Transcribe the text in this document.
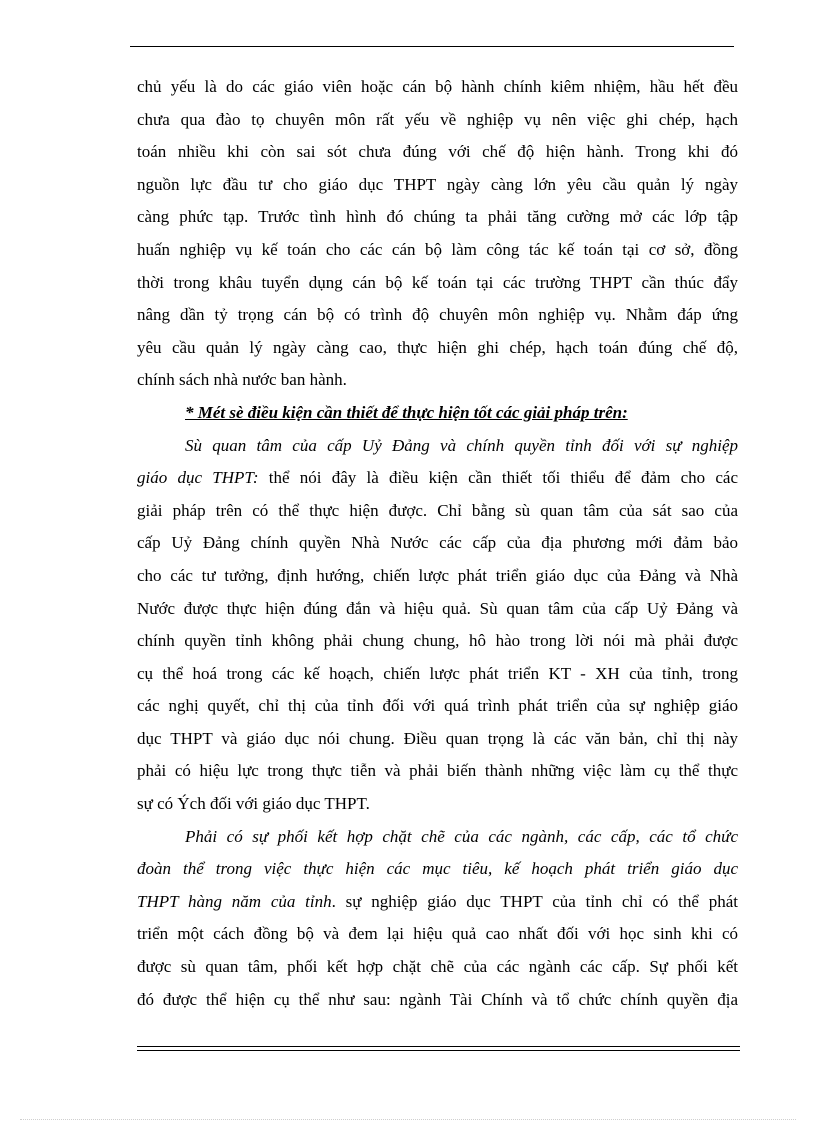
chủ yếu là do các giáo viên hoặc cán bộ hành chính kiêm nhiệm, hầu hết đều
chưa qua đào tọ chuyên môn rất yếu về nghiệp vụ nên việc ghi chép, hạch
toán nhiều khi còn sai sót chưa đúng với chế độ hiện hành. Trong khi đó
nguồn lực đầu tư cho giáo dục THPT ngày càng lớn yêu cầu quản lý ngày
càng phức tạp. Trước tình hình đó chúng ta phải tăng cường mở các lớp tập
huấn nghiệp vụ kế toán cho các cán bộ làm công tác kế toán tại cơ sở, đồng
thời trong khâu tuyển dụng cán bộ kế toán tại các trường THPT cần thúc đẩy
nâng dần tỷ trọng cán bộ có trình độ chuyên môn nghiệp vụ. Nhằm đáp ứng
yêu cầu quản lý ngày càng cao, thực hiện ghi chép, hạch toán đúng chế độ,
chính sách nhà nước ban hành.
* Mét sè điều kiện cần thiết để thực hiện tốt các giải pháp trên:
Sù quan tâm của cấp Uỷ Đảng và chính quyền tỉnh đối với sự nghiệp
giáo dục THPT: thể nói đây là điều kiện cần thiết tối thiểu để đảm cho các
giải pháp trên có thể thực hiện được. Chỉ bằng sù quan tâm của sát sao của
cấp Uỷ Đảng chính quyền Nhà Nước các cấp của địa phương mới đảm bảo
cho các tư tưởng, định hướng, chiến lược phát triển giáo dục của Đảng và Nhà
Nước được thực hiện đúng đắn và hiệu quả. Sù quan tâm của cấp Uỷ Đảng và
chính quyền tỉnh không phải chung chung, hô hào trong lời nói mà phải được
cụ thể hoá trong các kế hoạch, chiến lược phát triển KT - XH của tỉnh, trong
các nghị quyết, chỉ thị của tỉnh đối với quá trình phát triển của sự nghiệp giáo
dục THPT và giáo dục nói chung. Điều quan trọng là các văn bản, chỉ thị này
phải có hiệu lực trong thực tiễn và phải biến thành những việc làm cụ thể thực
sự có Ých đối với giáo dục THPT.
Phải có sự phối kết hợp chặt chẽ của các ngành, các cấp, các tổ chức
đoàn thể trong việc thực hiện các mục tiêu, kế hoạch phát triển giáo dục
THPT hàng năm của tỉnh. sự nghiệp giáo dục THPT của tỉnh chỉ có thể phát
triển một cách đồng bộ và đem lại hiệu quả cao nhất đối với học sinh khi có
được sù quan tâm, phối kết hợp chặt chẽ của các ngành các cấp. Sự phối kết
đó được thể hiện cụ thể như sau: ngành Tài Chính và tổ chức chính quyền địa
